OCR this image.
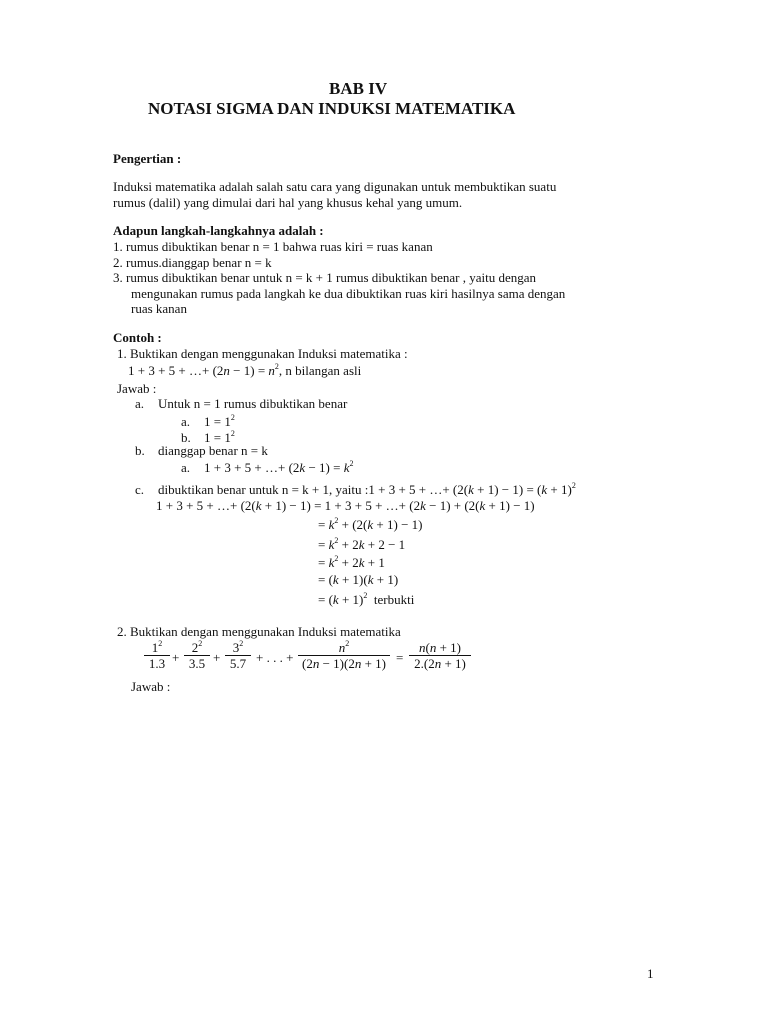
BAB IV
NOTASI SIGMA DAN INDUKSI MATEMATIKA
Pengertian :
Induksi matematika adalah salah satu cara yang digunakan untuk membuktikan suatu
rumus (dalil) yang dimulai dari hal yang khusus kehal yang umum.
Adapun langkah-langkahnya adalah :
1. rumus dibuktikan benar n = 1 bahwa ruas kiri = ruas kanan
2. rumus.dianggap benar n = k
3. rumus dibuktikan benar untuk n = k + 1 rumus dibuktikan benar , yaitu dengan
mengunakan rumus pada langkah ke dua dibuktikan ruas kiri hasilnya sama dengan
ruas kanan
Contoh :
1. Buktikan dengan menggunakan Induksi matematika :
1 + 3 + 5 + …+ $(2n - 1) = n^2$, n bilangan asli
Jawab :
a. Untuk n = 1 rumus dibuktikan benar
a. $1 = 1^2$
b. $1 = 1^2$
b. dianggap benar n = k
a. 1 + 3 + 5 + …+ $(2k - 1) = k^2$
c. dibuktikan benar untuk n = k + 1, yaitu :1 + 3 + 5 + …+ $(2(k + 1) - 1) = (k + 1)^2$
1 + 3 + 5 + …+ (2(k + 1) − 1) = 1 + 3 + 5 + …+ (2k − 1) + (2(k + 1) − 1)
= $k^2 + (2(k + 1) - 1)$
= $k^2 + 2k + 2 - 1$
= $k^2 + 2k + 1$
= (k + 1)(k + 1)
= $(k + 1)^2$ terbukti
2. Buktikan dengan menggunakan Induksi matematika
$\frac{1^2}{1.3} + \frac{2^2}{3.5} + \frac{3^2}{5.7}$ + . . . + $\frac{n^2}{(2n - 1)(2n + 1)} = \frac{n(n + 1)}{2.(2n + 1)}$
Jawab :
1
